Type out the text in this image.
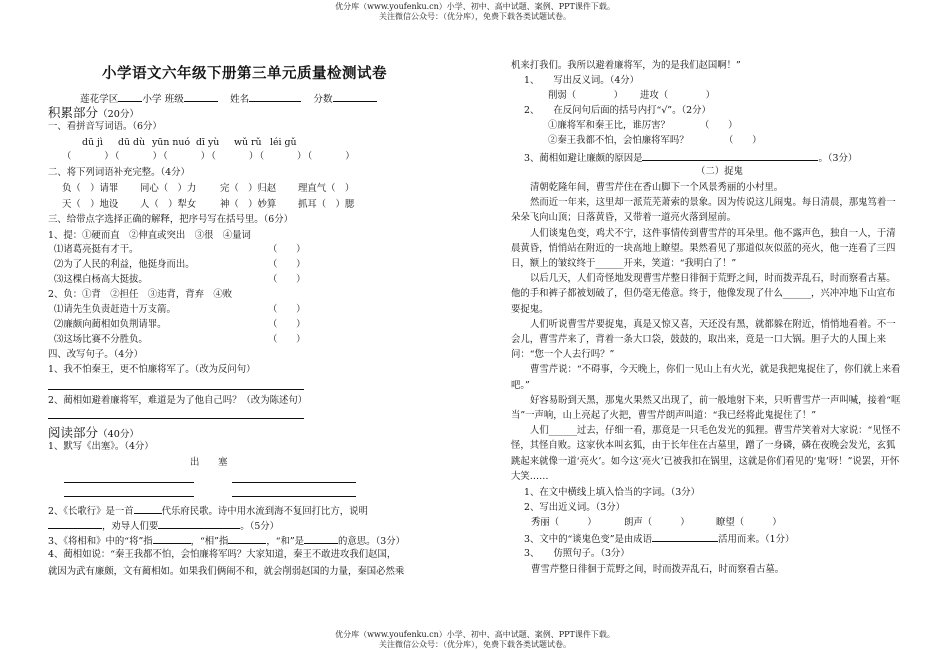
优分库（www.youfenku.cn）小学、初中、高中试题、案例、PPT课件下载。
关注微信公众号：（优分库），免费下载各类试题试卷。
优分库（www.youfenku.cn）小学、初中、高中试题、案例、PPT课件下载。
关注微信公众号：（优分库），免费下载各类试题试卷。
小学语文六年级下册第三单元质量检测试卷
莲花学区	小学 班级	姓名	分数
积累部分（20分）
一、看拼音写词语。（6分）
dū jì dū dù yūn nuó dī yù wǔ rǔ léi gǔ
（　　　）（　　　）（　　　）（　　　）（　　　）（　　　）
二、将下列词语补充完整。（4分）
负（　）请罪 同心（　）力	完（　）归赵 理直气（　）
天（　）地设 人（　）犁女	神（　）妙算 抓耳（　）腮
三、给带点字选择正确的解释，把序号写在括号里。（6分）
1、提：①硬而直　②伸直或突出　③很　④量词
⑴诸葛亮挺有才干。	（　　）
⑵为了人民的利益，他挺身而出。	（　　）
⑶这棵白杨高大挺拔。	（　　）
2、负：①背　②担任　③违背，背弃　④败
⑴请先生负责赶造十万支箭。	（　　）
⑵廉颇向蔺相如负荆请罪。	（　　）
⑶这场比赛不分胜负。	（　　）
四、改写句子。（4分）
1、我不怕秦王，更不怕廉将军了。（改为反问句）
2、蔺相如避着廉将军，难道是为了他自己吗？（改为陈述句）
阅读部分（40分）
1、默写《出塞》。（4分）
出　　塞
2、《长歌行》是一首	代乐府民歌。诗中用水流到海不复回打比方，说明
，劝导人们要	。（5分）
3、《将相和》中的“将”指	，“相”指	，“和”是	的意思。（3分）
4、蔺相如说：“秦王我都不怕，会怕廉将军吗？大家知道，秦王不敢进攻我们赵国，
就因为武有廉颇，文有蔺相如。如果我们俩闹不和，就会削弱赵国的力量，秦国必然乘
机来打我们。我所以避着廉将军，为的是我们赵国啊！”
1、　　写出反义词。（4分）
削弱（　　　　） 进攻（　　　　）
2、　　在反问句后面的括号内打“√”。（2分）
①廉将军和秦王比，谁厉害？	（　　）
②秦王我都不怕，会怕廉将军吗？	（　　）
3、蔺相如避让廉颇的原因是	。（3分）
（二）捉鬼
清朝乾隆年间，曹雪芹住在香山脚下一个风景秀丽的小村里。
然而近一年来，这里却一派荒芜萧索的景象。因为传说这儿闹鬼。每日清晨，那鬼笃着一朵朵飞向山顶；日落黄昏，又带着一道亮火落到屋前。
人们谈鬼色变，鸡犬不宁，这件事情传到曹雪芹的耳朵里。他不露声色，独自一人，于清晨黄昏，悄悄站在附近的一块高地上瞭望。果然看见了那道似灰似蓝的亮火，他一连看了三四日，额上的皱纹终于______开来，笑道：“我明白了！”
以后几天，人们奇怪地发现曹雪芹整日徘徊于荒野之间，时而拨弄乱石，时而察看古墓。他的手和裤子都被划破了，但仍毫无倦意。终于，他像发现了什么______，兴冲冲地下山宣布要捉鬼。
人们听说曹雪芹要捉鬼，真是又惊又喜，天还没有黑，就都躲在附近，悄悄地看着。不一会儿，曹雪芹来了，背着一条大口袋，鼓鼓的，取出来，竟是一口大锅。胆子大的人围上来问：“您一个人去行吗？”
曹雪芹说：“不碍事，今天晚上，你们一见山上有火光，就是我把鬼捉住了，你们就上来看吧。”
好容易盼到天黑，那鬼火果然又出现了，前一般地射下来，只听曹雪芹一声叫喊，接着“哐当”一声响，山上亮起了火把，曹雪芹朗声叫道：“我已经将此鬼捉住了！”
人们______过去，仔细一看，那竟是一只毛色发光的狐狸。曹雪芹笑着对大家说：“见怪不怪，其怪自败。这家伙本叫玄狐，由于长年住在古墓里，蹭了一身磷，磷在夜晚会发光，玄狐跳起来就像一道‘亮火’。如今这‘亮火’已被我扣在锅里，这就是你们看见的‘鬼’呀！”说罢，开怀大笑……
1、在文中横线上填入恰当的字词。（3分）
2、写出近义词。（3分）
秀丽（　　　）	朗声（　　　）	瞭望（　　　）
3、文中的“谈鬼色变”是由成语	活用而来。（1分）
3、　　仿照句子。（3分）
曹雪芹整日徘徊于荒野之间，时而拨弄乱石，时而察看古墓。
